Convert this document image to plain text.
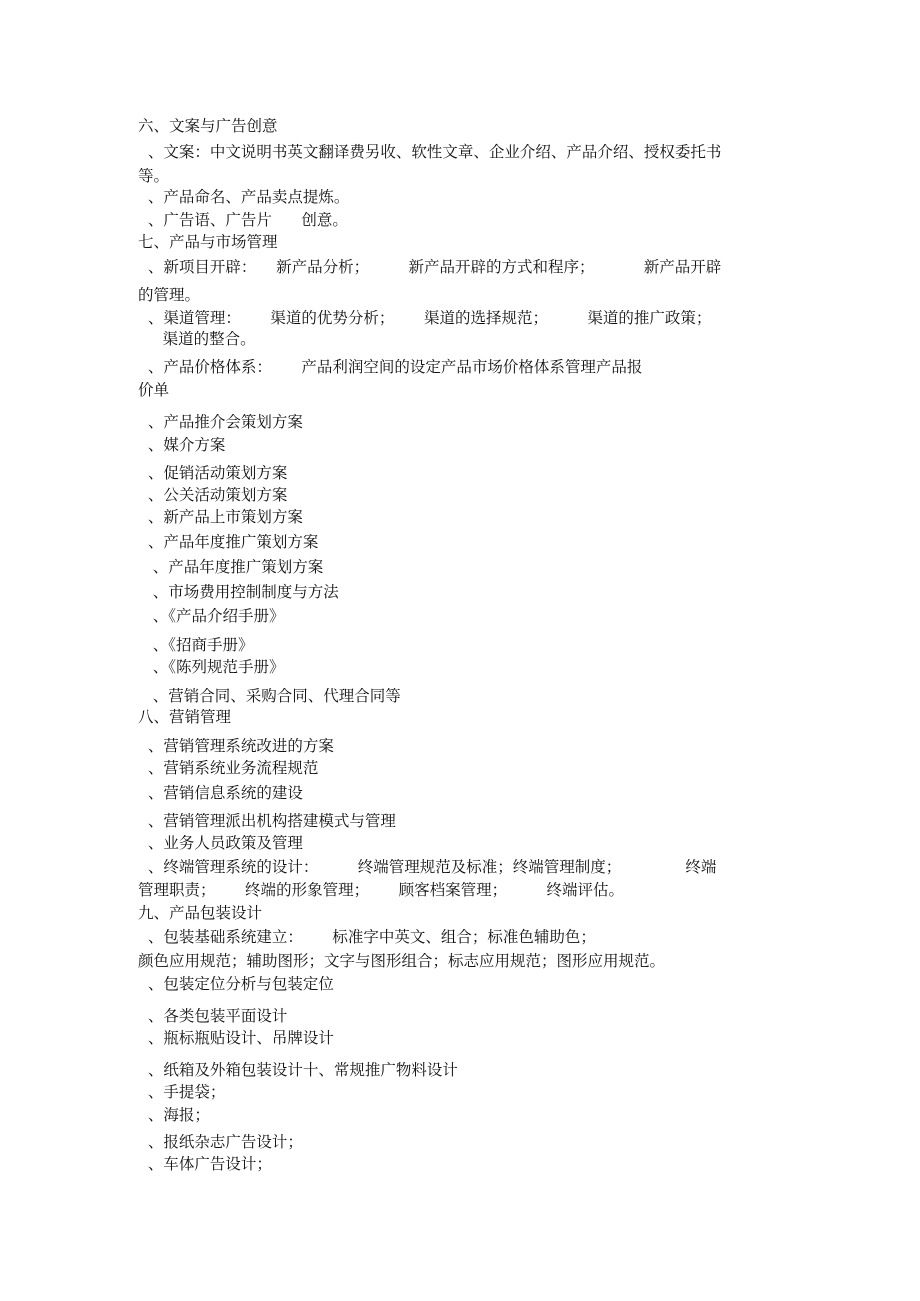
六、文案与广告创意
、文案：中文说明书英文翻译费另收、软性文章、企业介绍、产品介绍、授权委托书
等。
、产品命名、产品卖点提炼。
、广告语、广告片      创意。
七、产品与市场管理
、新项目开辟：    新产品分析；        新产品开辟的方式和程序；          新产品开辟
的管理。
、渠道管理：      渠道的优势分析；      渠道的选择规范；        渠道的推广政策；
渠道的整合。
、产品价格体系：      产品利润空间的设定产品市场价格体系管理产品报
价单
、产品推介会策划方案
、媒介方案
、促销活动策划方案
、公关活动策划方案
、新产品上市策划方案
、产品年度推广策划方案
、产品年度推广策划方案
、市场费用控制制度与方法
、《产品介绍手册》
、《招商手册》
、《陈列规范手册》
、营销合同、采购合同、代理合同等
八、营销管理
、营销管理系统改进的方案
、营销系统业务流程规范
、营销信息系统的建设
、营销管理派出机构搭建模式与管理
、业务人员政策及管理
、终端管理系统的设计：        终端管理规范及标准；终端管理制度；             终端
管理职责；      终端的形象管理；      顾客档案管理；        终端评估。
九、产品包装设计
、包装基础系统建立：      标准字中英文、组合；标准色辅助色；
颜色应用规范；辅助图形；文字与图形组合；标志应用规范；图形应用规范。
、包装定位分析与包装定位
、各类包装平面设计
、瓶标瓶贴设计、吊牌设计
、纸箱及外箱包装设计十、常规推广物料设计
、手提袋；
、海报；
、报纸杂志广告设计；
、车体广告设计；
